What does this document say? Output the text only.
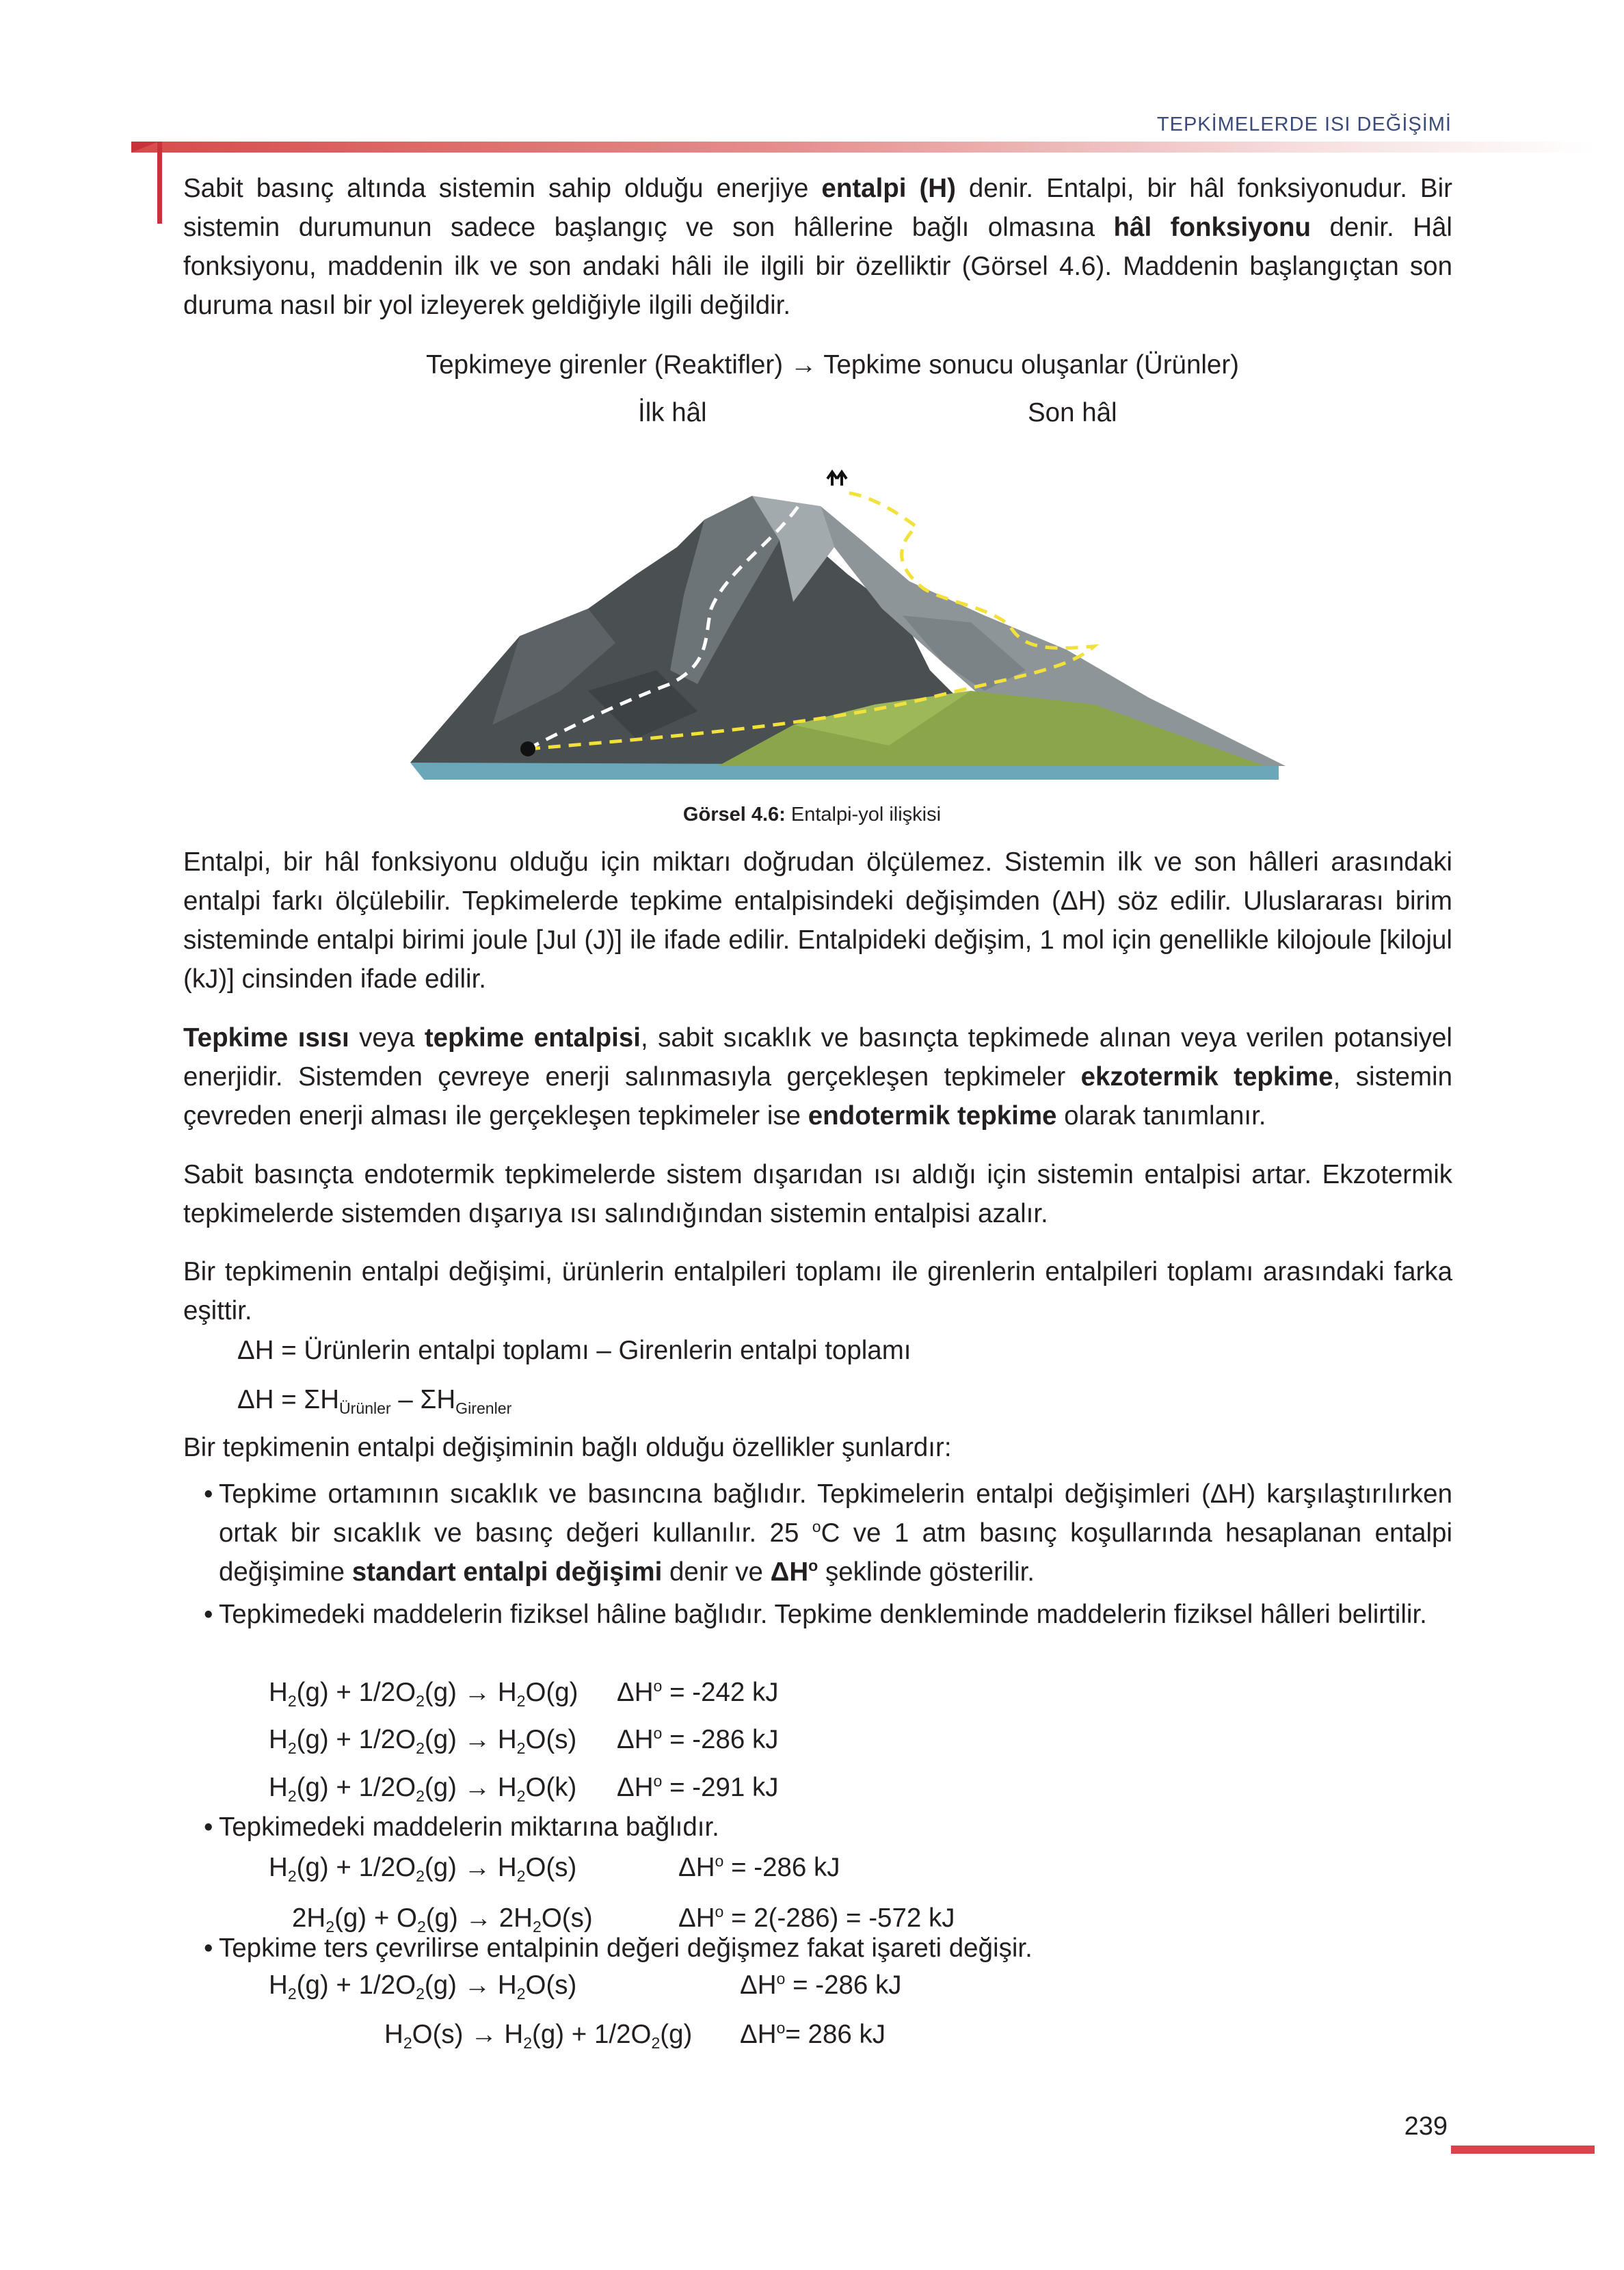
TEPKİMELERDE ISI DEĞİŞİMİ

Sabit basınç altında sistemin sahip olduğu enerjiye entalpi (H) denir. Entalpi, bir hâl fonksiyonudur. Bir sistemin durumunun sadece başlangıç ve son hâllerine bağlı olmasına hâl fonksiyonu denir. Hâl fonksiyonu, maddenin ilk ve son andaki hâli ile ilgili bir özelliktir (Görsel 4.6). Maddenin başlangıçtan son duruma nasıl bir yol izleyerek geldiğiyle ilgili değildir.

Tepkimeye girenler (Reaktifler) → Tepkime sonucu oluşanlar (Ürünler)
İlk hâl	Son hâl
Görsel 4.6: Entalpi-yol ilişkisi

Entalpi, bir hâl fonksiyonu olduğu için miktarı doğrudan ölçülemez. Sistemin ilk ve son hâlleri arasındaki entalpi farkı ölçülebilir. Tepkimelerde tepkime entalpisindeki değişimden (ΔH) söz edilir. Uluslararası birim sisteminde entalpi birimi joule [Jul (J)] ile ifade edilir. Entalpideki değişim, 1 mol için genellikle kilojoule [kilojul (kJ)] cinsinden ifade edilir.

Tepkime ısısı veya tepkime entalpisi, sabit sıcaklık ve basınçta tepkimede alınan veya verilen potansiyel enerjidir. Sistemden çevreye enerji salınmasıyla gerçekleşen tepkimeler ekzotermik tepkime, sistemin çevreden enerji alması ile gerçekleşen tepkimeler ise endotermik tepkime olarak tanımlanır.

Sabit basınçta endotermik tepkimelerde sistem dışarıdan ısı aldığı için sistemin entalpisi artar. Ekzotermik tepkimelerde sistemden dışarıya ısı salındığından sistemin entalpisi azalır.

Bir tepkimenin entalpi değişimi, ürünlerin entalpileri toplamı ile girenlerin entalpileri toplamı arasındaki farka eşittir.

ΔH = Ürünlerin entalpi toplamı – Girenlerin entalpi toplamı
$\Delta H = \Sigma H_{Ürünler} - \Sigma H_{Girenler}$
Bir tepkimenin entalpi değişiminin bağlı olduğu özellikler şunlardır:
• Tepkime ortamının sıcaklık ve basıncına bağlıdır. Tepkimelerin entalpi değişimleri (ΔH) karşılaştırılırken ortak bir sıcaklık ve basınç değeri kullanılır. 25 $^o$C ve 1 atm basınç koşullarında hesaplanan entalpi değişimine standart entalpi değişimi denir ve $\Delta H^o$ şeklinde gösterilir.
• Tepkimedeki maddelerin fiziksel hâline bağlıdır. Tepkime denkleminde maddelerin fiziksel hâlleri belirtilir.
$H_2(g) + 1/2O_2(g) \to H_2O(g) \Delta H^o = -242$ kJ
$H_2(g) + 1/2O_2(g) \to H_2O(s) \Delta H^o = -286$ kJ
$H_2(g) + 1/2O_2(g) \to H_2O(k) \Delta H^o = -291$ kJ
• Tepkimedeki maddelerin miktarına bağlıdır.
$H_2(g) + 1/2O_2(g) \to H_2O(s)$	$\Delta H^o = -286$ kJ
$2H_2(g) + O_2(g) \to 2H_2O(s)$	$\Delta H^o = 2(-286) = -572$ kJ
• Tepkime ters çevrilirse entalpinin değeri değişmez fakat işareti değişir.
$H_2(g) + 1/2O_2(g) \to H_2O(s)$	$\Delta H^o = -286$ kJ
$H_2O(s) \to H_2(g) + 1/2O_2(g)$ $\Delta H^o= 286$ kJ
239
